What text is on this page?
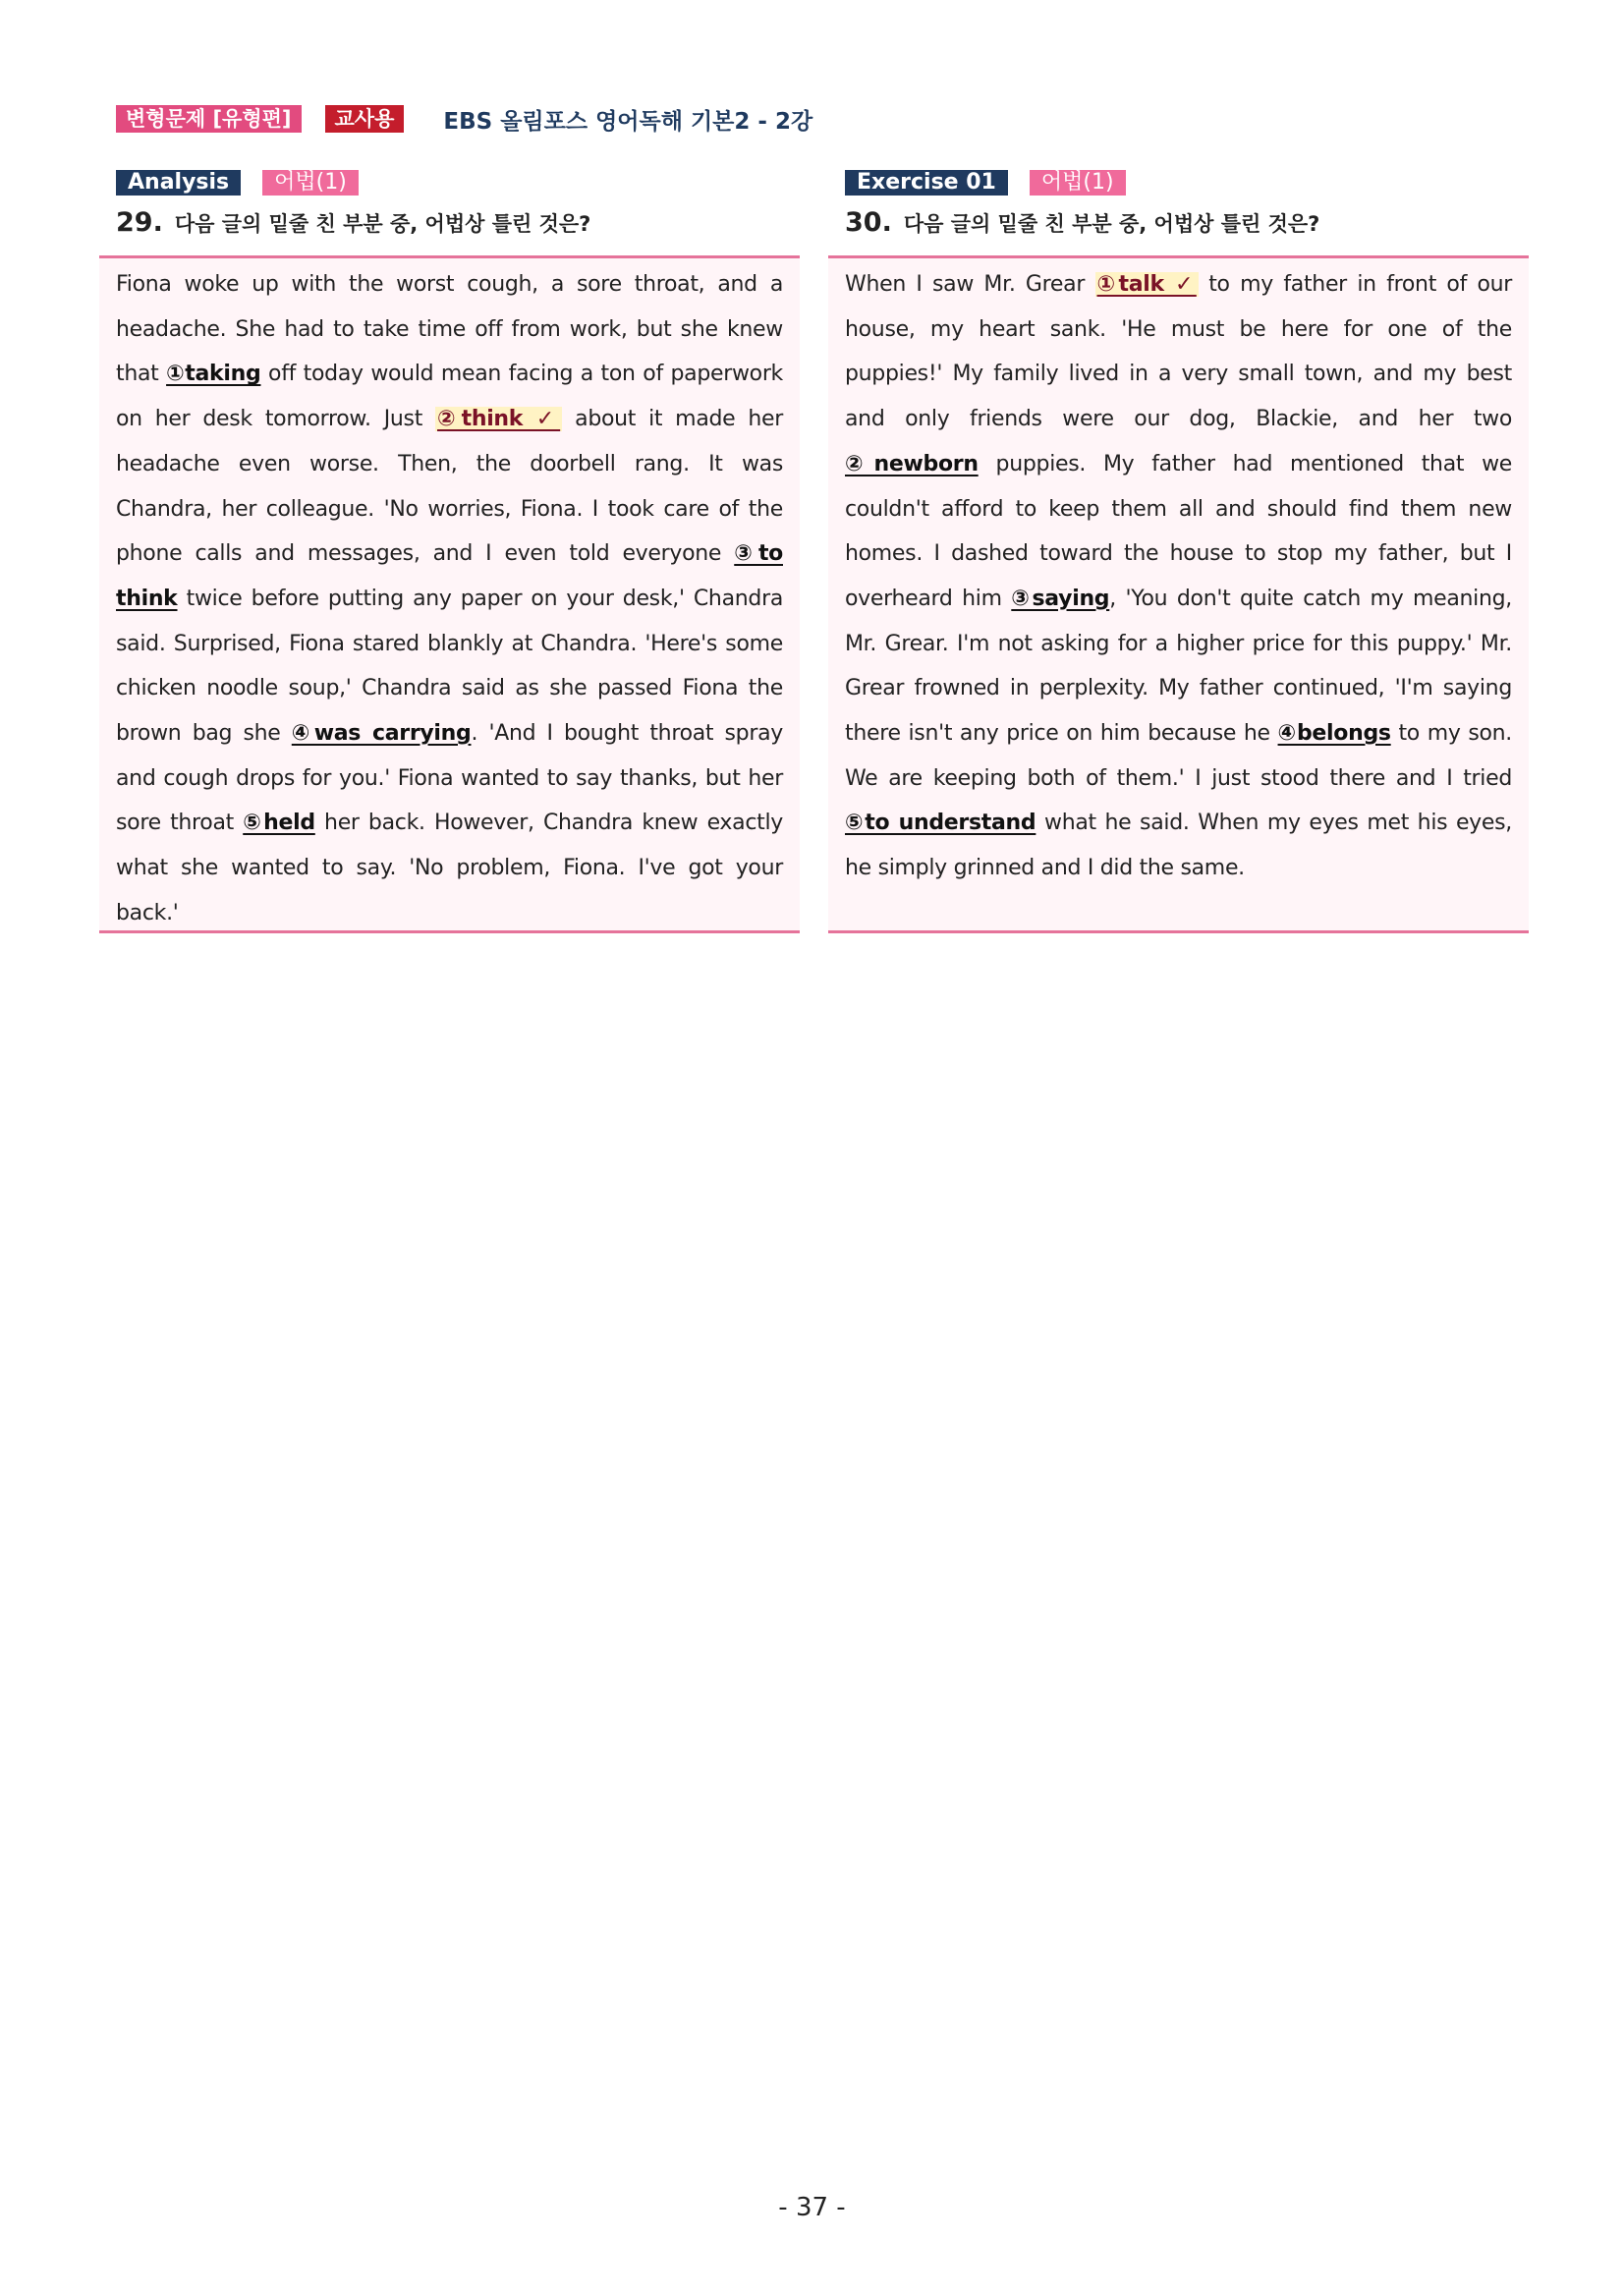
변형문제 [유형편]	교사용	EBS 올림포스 영어독해 기본2 - 2강
Analysis	어법(1)
29. 다음 글의 밑줄 친 부분 중, 어법상 틀린 것은?

Fiona woke up with the worst cough, a sore throat, and a headache. She had to take time off from work, but she knew that ①taking off today would mean facing a ton of paperwork on her desk tomorrow. Just ②think ✓ about it made her headache even worse. Then, the doorbell rang. It was Chandra, her colleague. 'No worries, Fiona. I took care of the phone calls and messages, and I even told everyone ③to think twice before putting any paper on your desk,' Chandra said. Surprised, Fiona stared blankly at Chandra. 'Here's some chicken noodle soup,' Chandra said as she passed Fiona the brown bag she ④was carrying. 'And I bought throat spray and cough drops for you.' Fiona wanted to say thanks, but her sore throat ⑤held her back. However, Chandra knew exactly what she wanted to say. 'No problem, Fiona. I've got your back.'

Exercise 01	어법(1)
30. 다음 글의 밑줄 친 부분 중, 어법상 틀린 것은?

When I saw Mr. Grear ①talk ✓ to my father in front of our house, my heart sank. 'He must be here for one of the puppies!' My family lived in a very small town, and my best and only friends were our dog, Blackie, and her two ②newborn puppies. My father had mentioned that we couldn't afford to keep them all and should find them new homes. I dashed toward the house to stop my father, but I overheard him ③saying, 'You don't quite catch my meaning, Mr. Grear. I'm not asking for a higher price for this puppy.' Mr. Grear frowned in perplexity. My father continued, 'I'm saying there isn't any price on him because he ④belongs to my son. We are keeping both of them.' I just stood there and I tried ⑤to understand what he said. When my eyes met his eyes, he simply grinned and I did the same.

- 37 -
